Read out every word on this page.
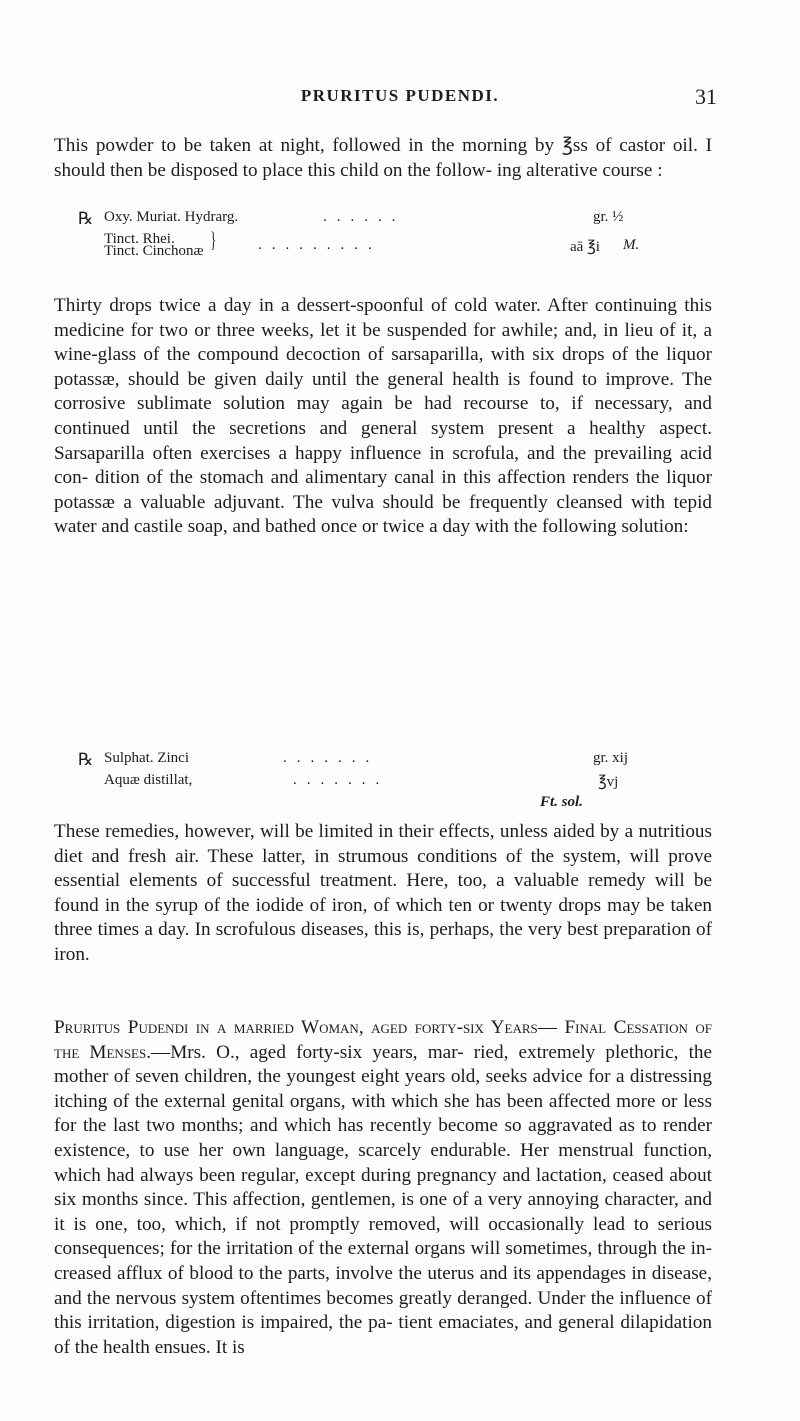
PRURITUS PUDENDI.	31

This powder to be taken at night, followed in the morning by ℥ss of castor oil. I should then be disposed to place this child on the follow- ing alterative course :

℞ Oxy. Muriat. Hydrarg.	......	gr. ½
Tinct. Rhei. }
Tinct. Cinchonæ	.........	aā ℥i M.

Thirty drops twice a day in a dessert-spoonful of cold water. After continuing this medicine for two or three weeks, let it be suspended for awhile; and, in lieu of it, a wine-glass of the compound decoction of sarsaparilla, with six drops of the liquor potassæ, should be given daily until the general health is found to improve. The corrosive sublimate solution may again be had recourse to, if necessary, and continued until the secretions and general system present a healthy aspect. Sarsaparilla often exercises a happy influence in scrofula, and the prevailing acid con- dition of the stomach and alimentary canal in this affection renders the liquor potassæ a valuable adjuvant. The vulva should be frequently cleansed with tepid water and castile soap, and bathed once or twice a day with the following solution:

℞ Sulphat. Zinci	.......	gr. xij
Aquæ distillat,	.......	℥vj
Ft. sol.

These remedies, however, will be limited in their effects, unless aided by a nutritious diet and fresh air. These latter, in strumous conditions of the system, will prove essential elements of successful treatment. Here, too, a valuable remedy will be found in the syrup of the iodide of iron, of which ten or twenty drops may be taken three times a day. In scrofulous diseases, this is, perhaps, the very best preparation of iron.

Pruritus Pudendi in a married Woman, aged forty-six Years— Final Cessation of the Menses.—Mrs. O., aged forty-six years, mar- ried, extremely plethoric, the mother of seven children, the youngest eight years old, seeks advice for a distressing itching of the external genital organs, with which she has been affected more or less for the last two months; and which has recently become so aggravated as to render existence, to use her own language, scarcely endurable. Her menstrual function, which had always been regular, except during pregnancy and lactation, ceased about six months since. This affection, gentlemen, is one of a very annoying character, and it is one, too, which, if not promptly removed, will occasionally lead to serious consequences; for the irritation of the external organs will sometimes, through the in- creased afflux of blood to the parts, involve the uterus and its appendages in disease, and the nervous system oftentimes becomes greatly deranged. Under the influence of this irritation, digestion is impaired, the pa- tient emaciates, and general dilapidation of the health ensues. It is
